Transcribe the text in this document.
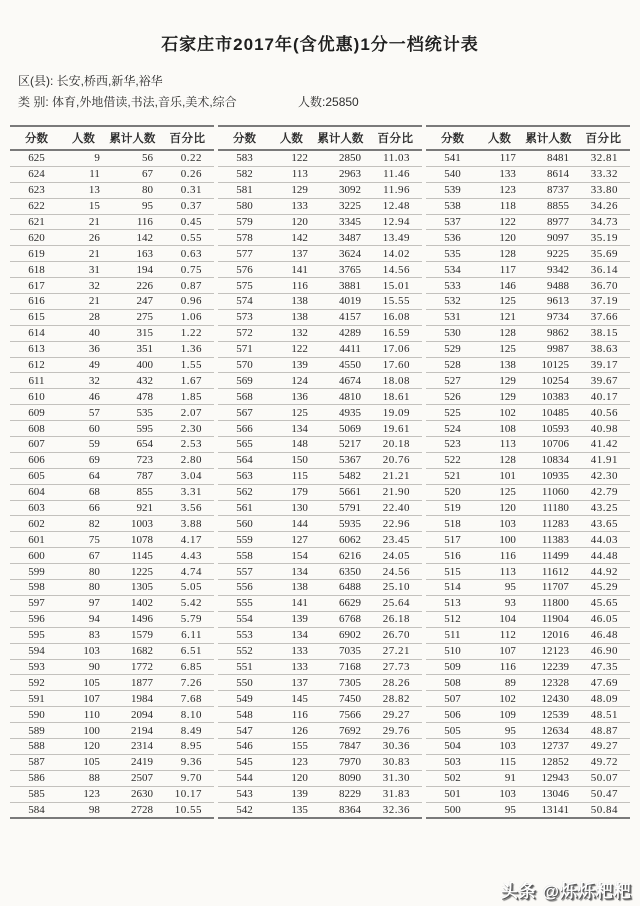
石家庄市2017年(含优惠)1分一档统计表
区(县): 长安,桥西,新华,裕华
类 别: 体育,外地借读,书法,音乐,美术,综合	人数:25850
分数	人数	累计人数	百分比
625	9	56	0.22
624	11	67	0.26
623	13	80	0.31
622	15	95	0.37
621	21	116	0.45
620	26	142	0.55
619	21	163	0.63
618	31	194	0.75
617	32	226	0.87
616	21	247	0.96
615	28	275	1.06
614	40	315	1.22
613	36	351	1.36
612	49	400	1.55
611	32	432	1.67
610	46	478	1.85
609	57	535	2.07
608	60	595	2.30
607	59	654	2.53
606	69	723	2.80
605	64	787	3.04
604	68	855	3.31
603	66	921	3.56
602	82	1003	3.88
601	75	1078	4.17
600	67	1145	4.43
599	80	1225	4.74
598	80	1305	5.05
597	97	1402	5.42
596	94	1496	5.79
595	83	1579	6.11
594	103	1682	6.51
593	90	1772	6.85
592	105	1877	7.26
591	107	1984	7.68
590	110	2094	8.10
589	100	2194	8.49
588	120	2314	8.95
587	105	2419	9.36
586	88	2507	9.70
585	123	2630	10.17
584	98	2728	10.55
分数	人数	累计人数	百分比
583	122	2850	11.03
582	113	2963	11.46
581	129	3092	11.96
580	133	3225	12.48
579	120	3345	12.94
578	142	3487	13.49
577	137	3624	14.02
576	141	3765	14.56
575	116	3881	15.01
574	138	4019	15.55
573	138	4157	16.08
572	132	4289	16.59
571	122	4411	17.06
570	139	4550	17.60
569	124	4674	18.08
568	136	4810	18.61
567	125	4935	19.09
566	134	5069	19.61
565	148	5217	20.18
564	150	5367	20.76
563	115	5482	21.21
562	179	5661	21.90
561	130	5791	22.40
560	144	5935	22.96
559	127	6062	23.45
558	154	6216	24.05
557	134	6350	24.56
556	138	6488	25.10
555	141	6629	25.64
554	139	6768	26.18
553	134	6902	26.70
552	133	7035	27.21
551	133	7168	27.73
550	137	7305	28.26
549	145	7450	28.82
548	116	7566	29.27
547	126	7692	29.76
546	155	7847	30.36
545	123	7970	30.83
544	120	8090	31.30
543	139	8229	31.83
542	135	8364	32.36
分数	人数	累计人数	百分比
541	117	8481	32.81
540	133	8614	33.32
539	123	8737	33.80
538	118	8855	34.26
537	122	8977	34.73
536	120	9097	35.19
535	128	9225	35.69
534	117	9342	36.14
533	146	9488	36.70
532	125	9613	37.19
531	121	9734	37.66
530	128	9862	38.15
529	125	9987	38.63
528	138	10125	39.17
527	129	10254	39.67
526	129	10383	40.17
525	102	10485	40.56
524	108	10593	40.98
523	113	10706	41.42
522	128	10834	41.91
521	101	10935	42.30
520	125	11060	42.79
519	120	11180	43.25
518	103	11283	43.65
517	100	11383	44.03
516	116	11499	44.48
515	113	11612	44.92
514	95	11707	45.29
513	93	11800	45.65
512	104	11904	46.05
511	112	12016	46.48
510	107	12123	46.90
509	116	12239	47.35
508	89	12328	47.69
507	102	12430	48.09
506	109	12539	48.51
505	95	12634	48.87
504	103	12737	49.27
503	115	12852	49.72
502	91	12943	50.07
501	103	13046	50.47
500	95	13141	50.84
头条 @烁烁粑粑
